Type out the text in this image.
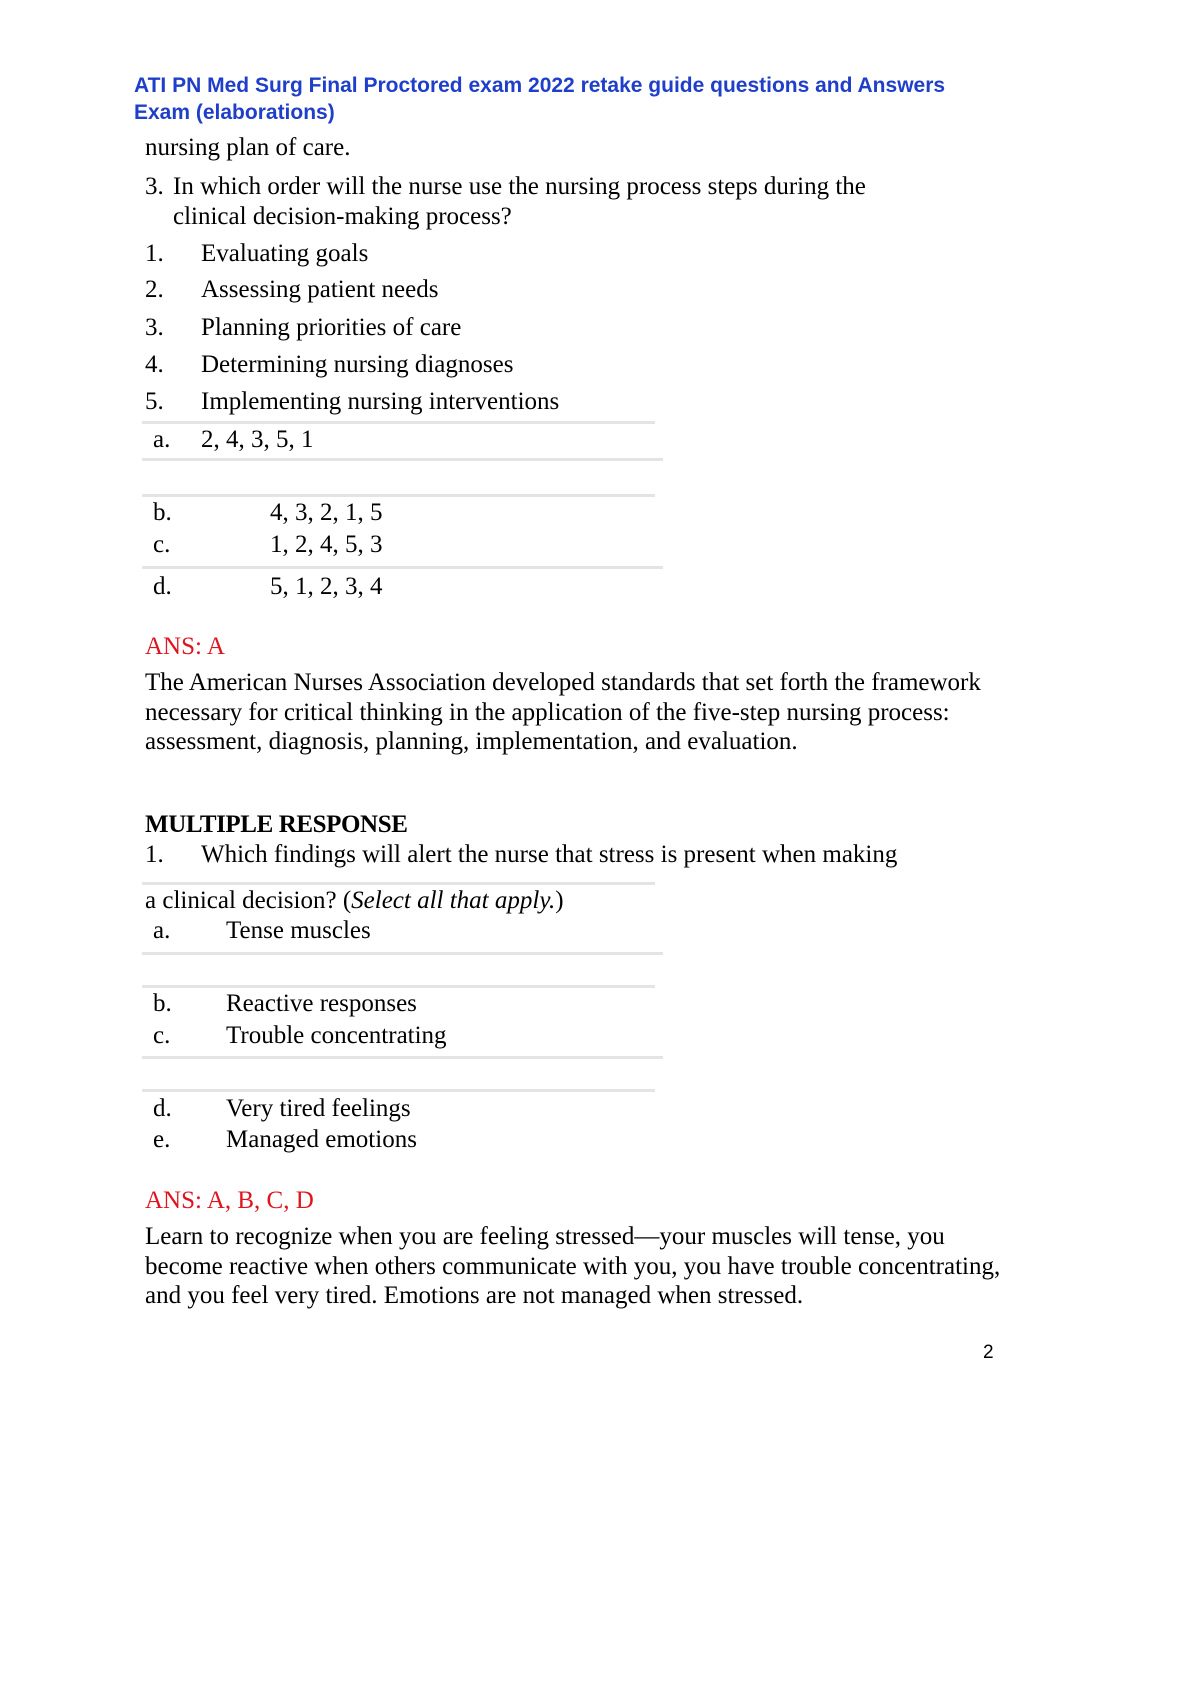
ATI PN Med Surg Final Proctored exam 2022 retake guide questions and Answers
Exam (elaborations)
nursing plan of care.
3. In which order will the nurse use the nursing process steps during the
clinical decision-making process?
1. Evaluating goals
2. Assessing patient needs
3. Planning priorities of care
4. Determining nursing diagnoses
5. Implementing nursing interventions
a. 2, 4, 3, 5, 1
b.	4, 3, 2, 1, 5
c.	1, 2, 4, 5, 3
d.	5, 1, 2, 3, 4
ANS: A
The American Nurses Association developed standards that set forth the framework necessary for critical thinking in the application of the five-step nursing process: assessment, diagnosis, planning, implementation, and evaluation.
MULTIPLE RESPONSE
1. Which findings will alert the nurse that stress is present when making
a clinical decision? (Select all that apply.)
a. Tense muscles
b. Reactive responses
c. Trouble concentrating
d. Very tired feelings
e. Managed emotions
ANS: A, B, C, D
Learn to recognize when you are feeling stressed—your muscles will tense, you become reactive when others communicate with you, you have trouble concentrating, and you feel very tired. Emotions are not managed when stressed.
2
